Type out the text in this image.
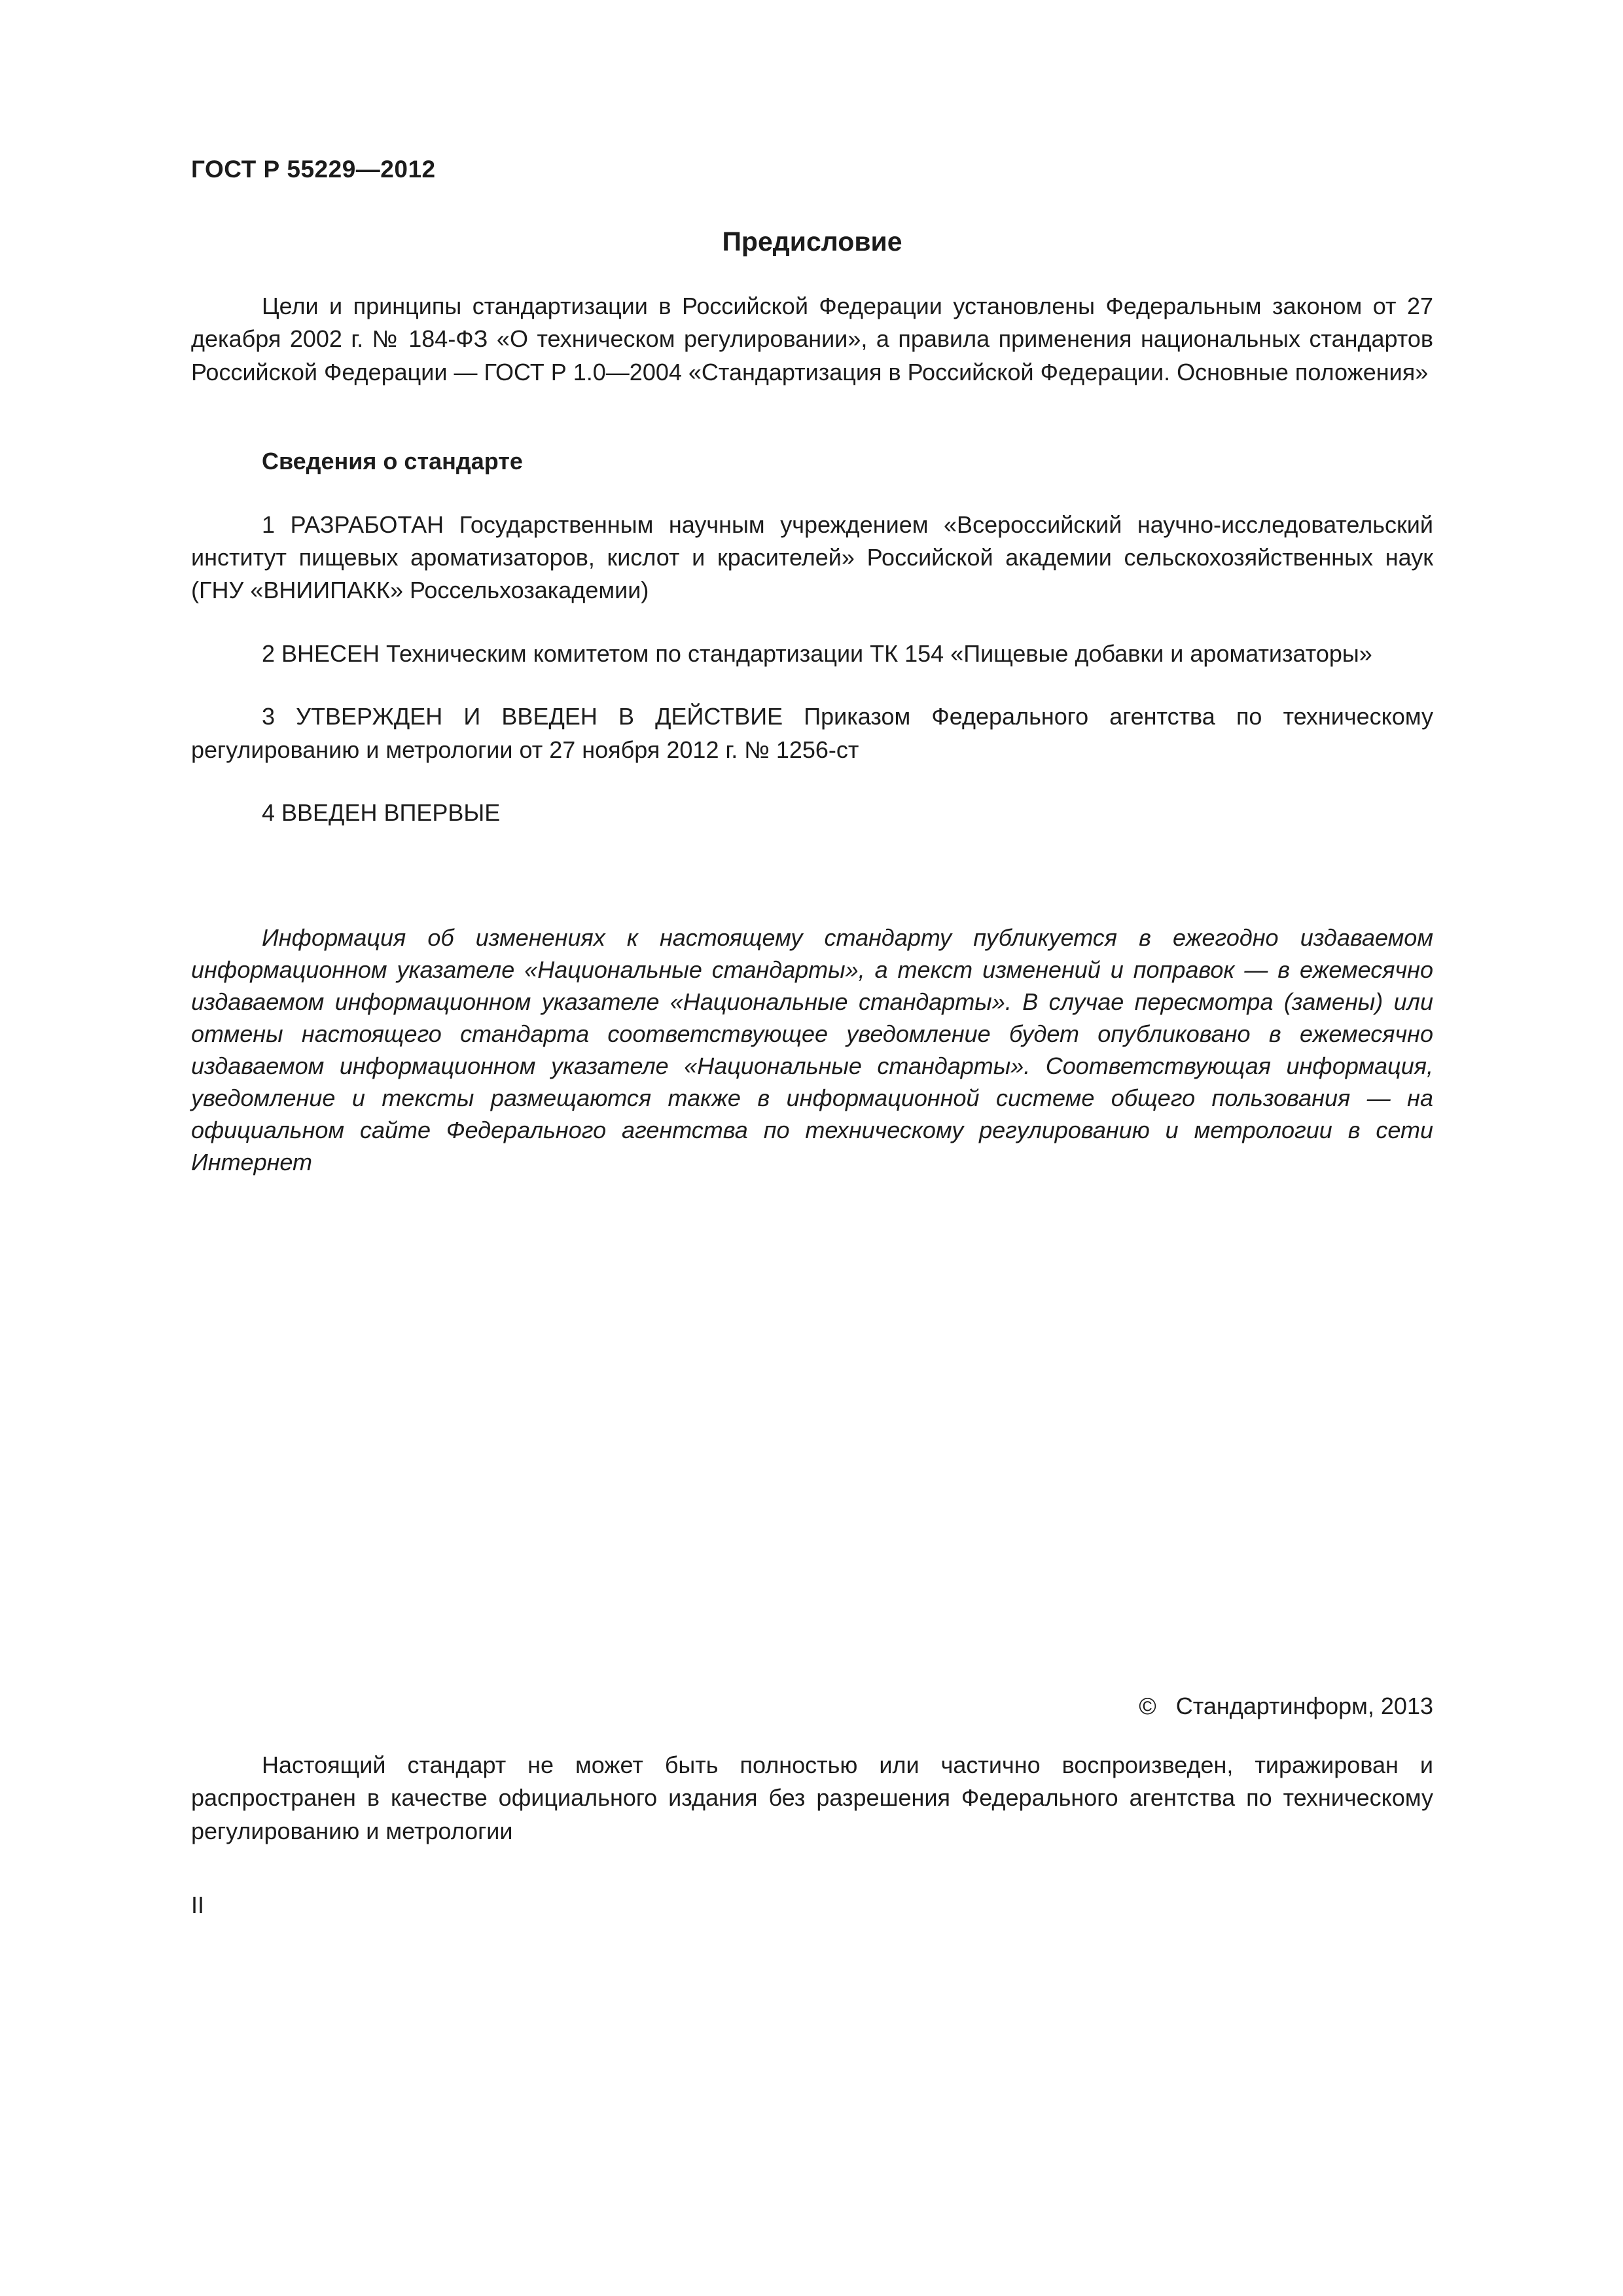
ГОСТ Р 55229—2012
Предисловие

Цели и принципы стандартизации в Российской Федерации установлены Федеральным законом от 27 декабря 2002 г. № 184-ФЗ «О техническом регулировании», а правила применения национальных стандартов Российской Федерации — ГОСТ Р 1.0—2004 «Стандартизация в Российской Федерации. Основные положения»

Сведения о стандарте

1 РАЗРАБОТАН Государственным научным учреждением «Всероссийский научно-исследовательский институт пищевых ароматизаторов, кислот и красителей» Российской академии сельскохозяйственных наук (ГНУ «ВНИИПАКК» Россельхозакадемии)

2 ВНЕСЕН Техническим комитетом по стандартизации ТК 154 «Пищевые добавки и ароматизаторы»

3 УТВЕРЖДЕН И ВВЕДЕН В ДЕЙСТВИЕ Приказом Федерального агентства по техническому регулированию и метрологии от 27 ноября 2012 г. № 1256-ст

4 ВВЕДЕН ВПЕРВЫЕ

Информация об изменениях к настоящему стандарту публикуется в ежегодно издаваемом информационном указателе «Национальные стандарты», а текст изменений и поправок — в ежемесячно издаваемом информационном указателе «Национальные стандарты». В случае пересмотра (замены) или отмены настоящего стандарта соответствующее уведомление будет опубликовано в ежемесячно издаваемом информационном указателе «Национальные стандарты». Соответствующая информация, уведомление и тексты размещаются также в информационной системе общего пользования — на официальном сайте Федерального агентства по техническому регулированию и метрологии в сети Интернет

© Стандартинформ, 2013

Настоящий стандарт не может быть полностью или частично воспроизведен, тиражирован и распространен в качестве официального издания без разрешения Федерального агентства по техническому регулированию и метрологии

II
